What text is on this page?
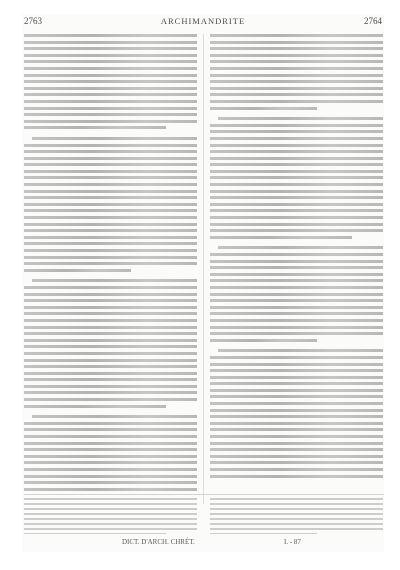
2763	ARCHIMANDRITE	2764
DICT. D'ARCH. CHRÉT.	I. - 87
